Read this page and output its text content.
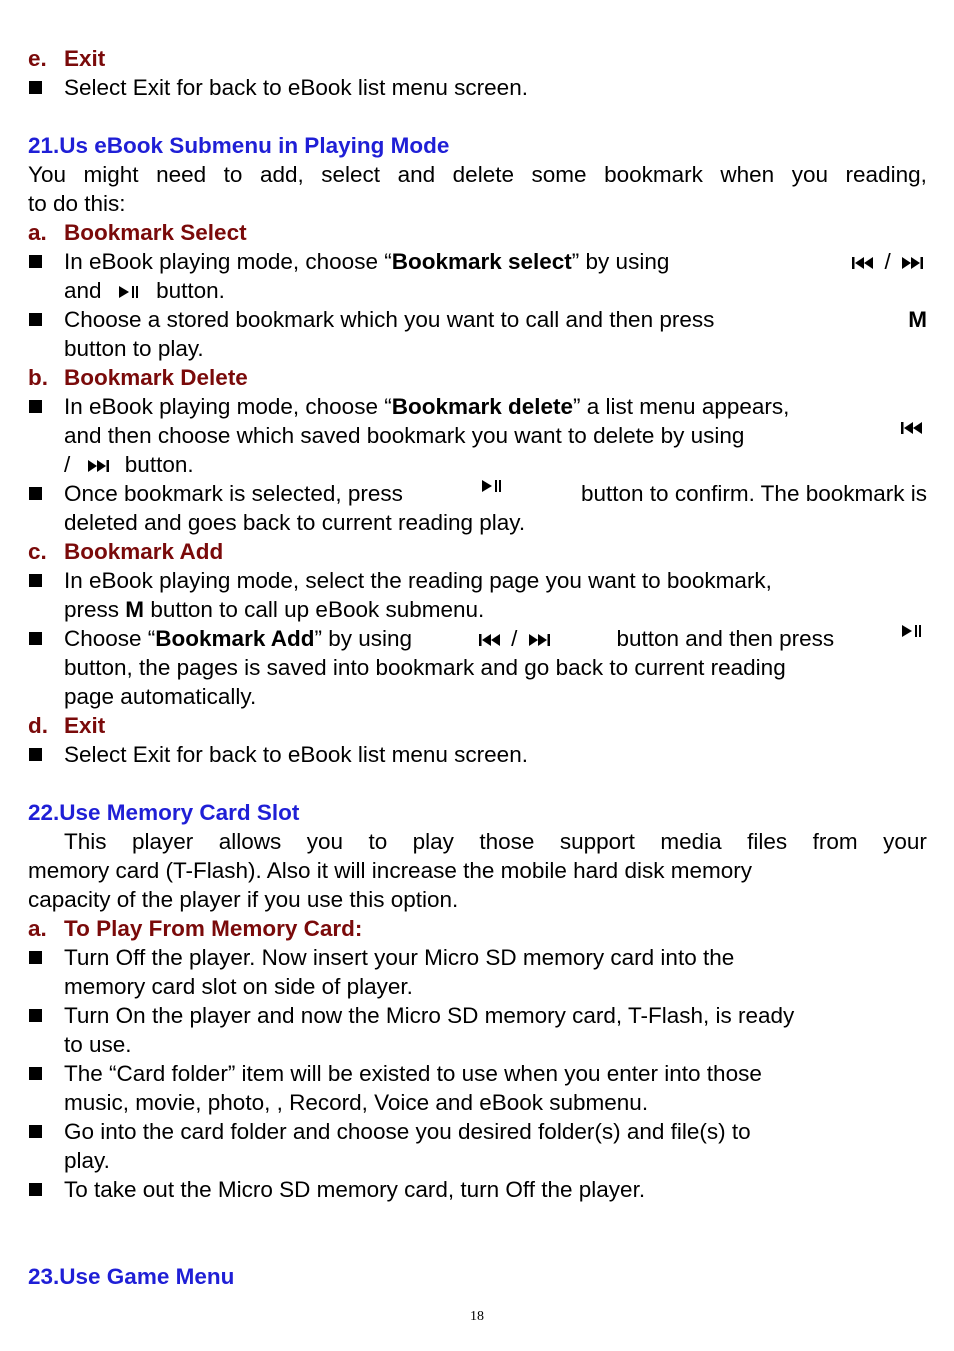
e. Exit
Select Exit for back to eBook list menu screen.
21.Us eBook Submenu in Playing Mode
You might need to add, select and delete some bookmark when you reading,
to do this:
a. Bookmark Select
In eBook playing mode, choose “Bookmark select” by using	/
and button.
Choose a stored bookmark which you want to call and then press	M
button to play.
b. Bookmark Delete
In eBook playing mode, choose “Bookmark delete” a list menu appears,
and then choose which saved bookmark you want to delete by using
/ button.
Once bookmark is selected, press	button to confirm. The bookmark is
deleted and goes back to current reading play.
c. Bookmark Add
In eBook playing mode, select the reading page you want to bookmark,
press M button to call up eBook submenu.
Choose “Bookmark Add” by using	/	button and then press
button, the pages is saved into bookmark and go back to current reading
page automatically.
d. Exit
Select Exit for back to eBook list menu screen.
22.Use Memory Card Slot
This player allows you to play those support media files from your
memory card (T-Flash). Also it will increase the mobile hard disk memory
capacity of the player if you use this option.
a. To Play From Memory Card:
Turn Off the player. Now insert your Micro SD memory card into the
memory card slot on side of player.
Turn On the player and now the Micro SD memory card, T-Flash, is ready
to use.
The “Card folder” item will be existed to use when you enter into those
music, movie, photo, , Record, Voice and eBook submenu.
Go into the card folder and choose you desired folder(s) and file(s) to
play.
To take out the Micro SD memory card, turn Off the player.
23.Use Game Menu
18
